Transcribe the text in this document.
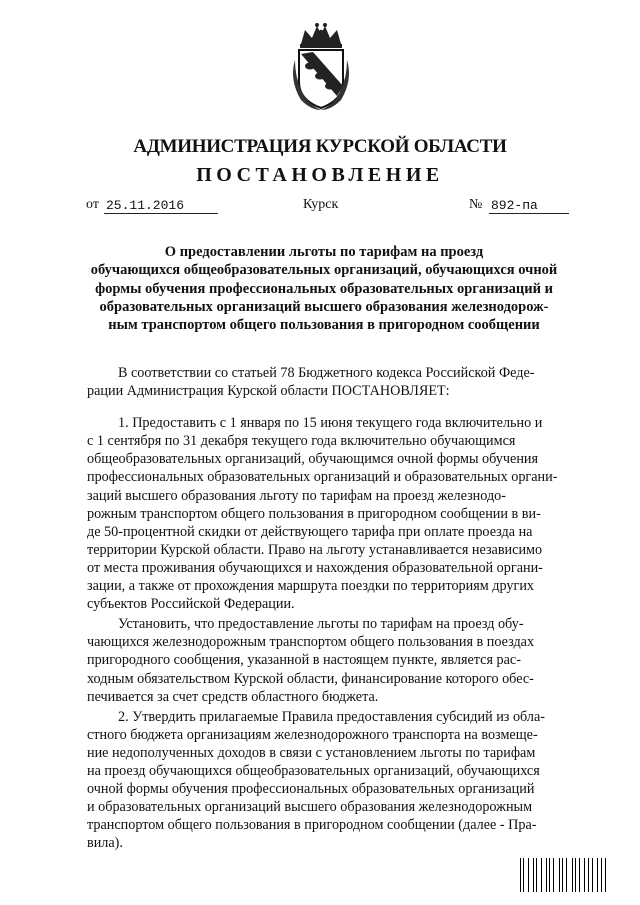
АДМИНИСТРАЦИЯ КУРСКОЙ ОБЛАСТИ
ПОСТАНОВЛЕНИЕ
от 25.11.2016	Курск	№ 892-па
О предоставлении льготы по тарифам на проезд
обучающихся общеобразовательных организаций, обучающихся очной
формы обучения профессиональных образовательных организаций и
образовательных организаций высшего образования железнодорож-
ным транспортом общего пользования в пригородном сообщении

В соответствии со статьей 78 Бюджетного кодекса Российской Феде-
рации Администрация Курской области ПОСТАНОВЛЯЕТ:

1. Предоставить с 1 января по 15 июня текущего года включительно и
с 1 сентября по 31 декабря текущего года включительно обучающимся
общеобразовательных организаций, обучающимся очной формы обучения
профессиональных образовательных организаций и образовательных органи-
заций высшего образования льготу по тарифам на проезд железнодо-
рожным транспортом общего пользования в пригородном сообщении в ви-
де 50-процентной скидки от действующего тарифа при оплате проезда на
территории Курской области. Право на льготу устанавливается независимо
от места проживания обучающихся и нахождения образовательной органи-
зации, а также от прохождения маршрута поездки по территориям других
субъектов Российской Федерации.

Установить, что предоставление льготы по тарифам на проезд обу-
чающихся железнодорожным транспортом общего пользования в поездах
пригородного сообщения, указанной в настоящем пункте, является рас-
ходным обязательством Курской области, финансирование которого обес-
печивается за счет средств областного бюджета.

2. Утвердить прилагаемые Правила предоставления субсидий из обла-
стного бюджета организациям железнодорожного транспорта на возмеще-
ние недополученных доходов в связи с установлением льготы по тарифам
на проезд обучающихся общеобразовательных организаций, обучающихся
очной формы обучения профессиональных образовательных организаций
и образовательных организаций высшего образования железнодорожным
транспортом общего пользования в пригородном сообщении (далее - Пра-
вила).
